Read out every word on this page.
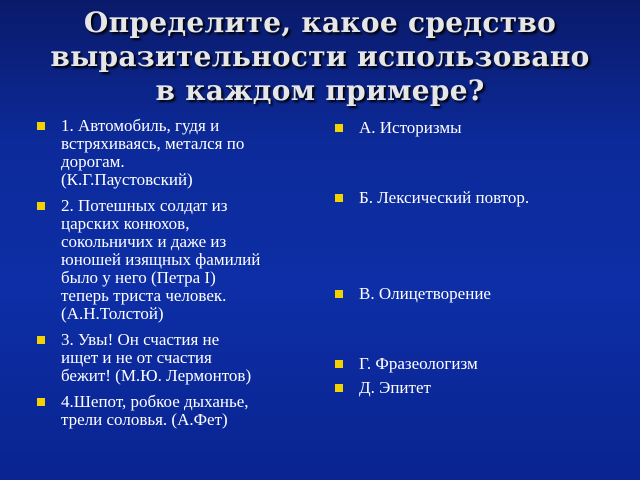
Определите, какое средство
выразительности использовано
в каждом примере?
1. Автомобиль, гудя и
встряхиваясь, метался по
дорогам.
(К.Г.Паустовский)
2. Потешных солдат из
царских конюхов,
сокольничих и даже из
юношей изящных фамилий
было у него (Петра I)
теперь триста человек.
(А.Н.Толстой)
3. Увы! Он счастия не
ищет и не от счастия
бежит! (М.Ю. Лермонтов)
4.Шепот, робкое дыханье,
трели соловья. (А.Фет)
А. Историзмы
Б. Лексический повтор.
В. Олицетворение
Г. Фразеологизм
Д. Эпитет
